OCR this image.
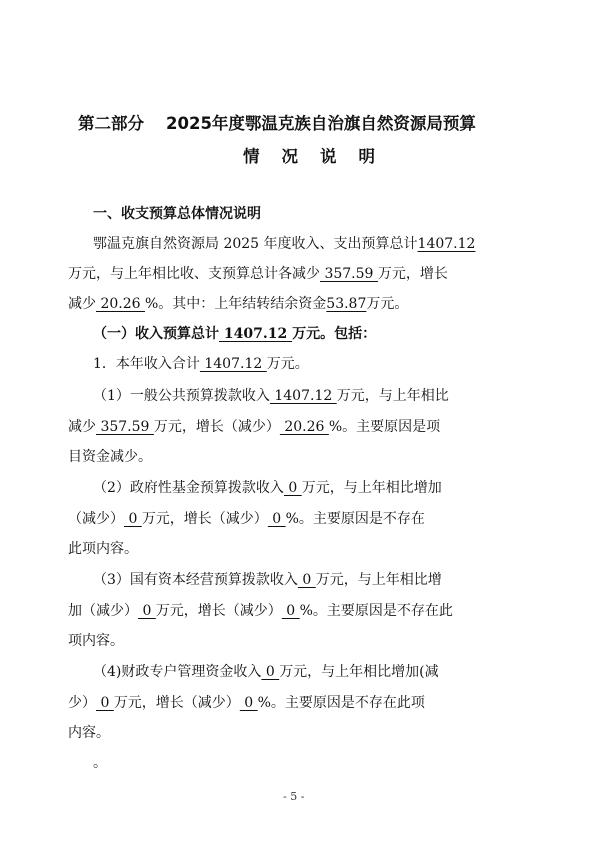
第二部分 2025年度鄂温克族自治旗自然资源局预算
情况说明
一、收支预算总体情况说明
鄂温克旗自然资源局 2025 年度收入、支出预算总计1407.12
万元，与上年相比收、支预算总计各减少 357.59 万元，增长
减少 20.26 %。其中：上年结转结余资金53.87万元。
（一）收入预算总计 1407.12 万元。包括：
1．本年收入合计 1407.12 万元。
（1）一般公共预算拨款收入 1407.12 万元，与上年相比
减少 357.59 万元，增长（减少） 20.26 %。主要原因是项
目资金减少。
（2）政府性基金预算拨款收入 0 万元，与上年相比增加
（减少） 0 万元，增长（减少） 0 %。主要原因是不存在
此项内容。
（3）国有资本经营预算拨款收入 0 万元，与上年相比增
加（减少） 0 万元，增长（减少） 0 %。主要原因是不存在此
项内容。
（4)财政专户管理资金收入 0 万元，与上年相比增加(减
少） 0 万元，增长（减少） 0 %。主要原因是不存在此项
内容。
。
- 5 -
